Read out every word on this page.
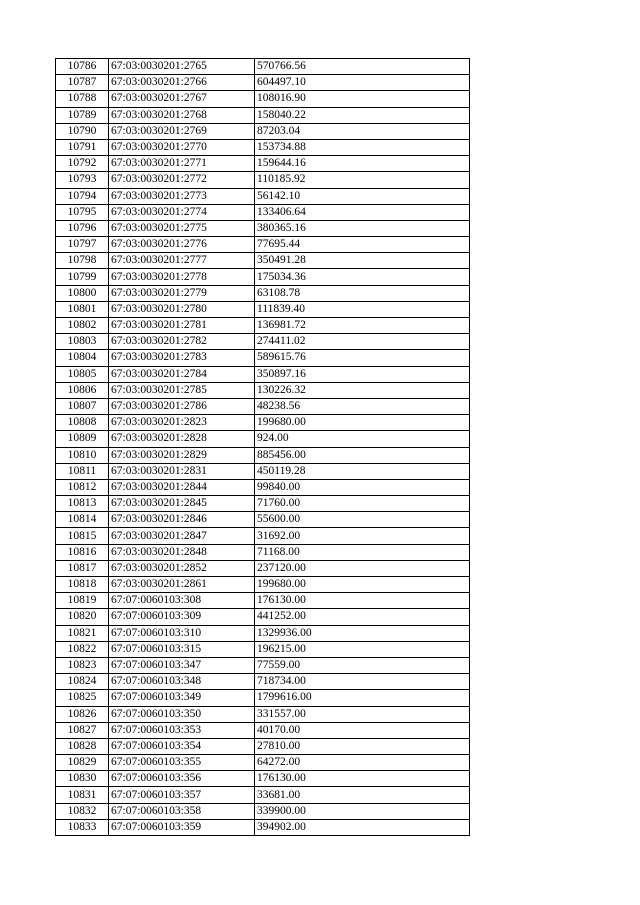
10786	67:03:0030201:2765	570766.56
10787	67:03:0030201:2766	604497.10
10788	67:03:0030201:2767	108016.90
10789	67:03:0030201:2768	158040.22
10790	67:03:0030201:2769	87203.04
10791	67:03:0030201:2770	153734.88
10792	67:03:0030201:2771	159644.16
10793	67:03:0030201:2772	110185.92
10794	67:03:0030201:2773	56142.10
10795	67:03:0030201:2774	133406.64
10796	67:03:0030201:2775	380365.16
10797	67:03:0030201:2776	77695.44
10798	67:03:0030201:2777	350491.28
10799	67:03:0030201:2778	175034.36
10800	67:03:0030201:2779	63108.78
10801	67:03:0030201:2780	111839.40
10802	67:03:0030201:2781	136981.72
10803	67:03:0030201:2782	274411.02
10804	67:03:0030201:2783	589615.76
10805	67:03:0030201:2784	350897.16
10806	67:03:0030201:2785	130226.32
10807	67:03:0030201:2786	48238.56
10808	67:03:0030201:2823	199680.00
10809	67:03:0030201:2828	924.00
10810	67:03:0030201:2829	885456.00
10811	67:03:0030201:2831	450119.28
10812	67:03:0030201:2844	99840.00
10813	67:03:0030201:2845	71760.00
10814	67:03:0030201:2846	55600.00
10815	67:03:0030201:2847	31692.00
10816	67:03:0030201:2848	71168.00
10817	67:03:0030201:2852	237120.00
10818	67:03:0030201:2861	199680.00
10819	67:07:0060103:308	176130.00
10820	67:07:0060103:309	441252.00
10821	67:07:0060103:310	1329936.00
10822	67:07:0060103:315	196215.00
10823	67:07:0060103:347	77559.00
10824	67:07:0060103:348	718734.00
10825	67:07:0060103:349	1799616.00
10826	67:07:0060103:350	331557.00
10827	67:07:0060103:353	40170.00
10828	67:07:0060103:354	27810.00
10829	67:07:0060103:355	64272.00
10830	67:07:0060103:356	176130.00
10831	67:07:0060103:357	33681.00
10832	67:07:0060103:358	339900.00
10833	67:07:0060103:359	394902.00
